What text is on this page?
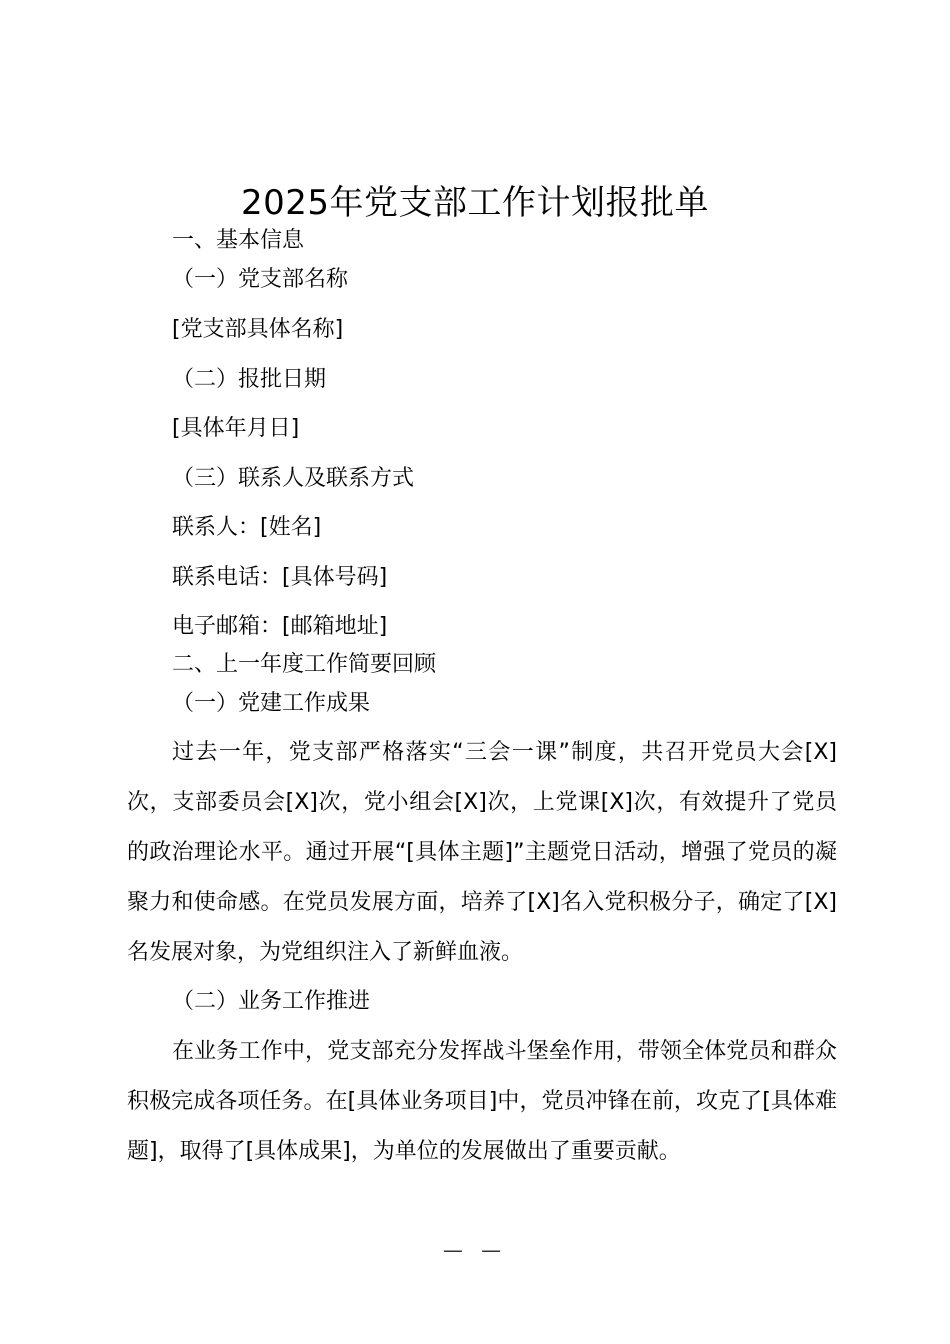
2025年党支部工作计划报批单
一、基本信息
（一）党支部名称
[党支部具体名称]
（二）报批日期
[具体年月日]
（三）联系人及联系方式
联系人：[姓名]
联系电话：[具体号码]
电子邮箱：[邮箱地址]
二、上一年度工作简要回顾
（一）党建工作成果

过去一年，党支部严格落实“三会一课”制度，共召开党员大会[X]次，支部委员会[X]次，党小组会[X]次，上党课[X]次，有效提升了党员的政治理论水平。通过开展“[具体主题]”主题党日活动，增强了党员的凝聚力和使命感。在党员发展方面，培养了[X]名入党积极分子，确定了[X]名发展对象，为党组织注入了新鲜血液。

（二）业务工作推进

在业务工作中，党支部充分发挥战斗堡垒作用，带领全体党员和群众积极完成各项任务。在[具体业务项目]中，党员冲锋在前，攻克了[具体难题]，取得了[具体成果]，为单位的发展做出了重要贡献。

— —
